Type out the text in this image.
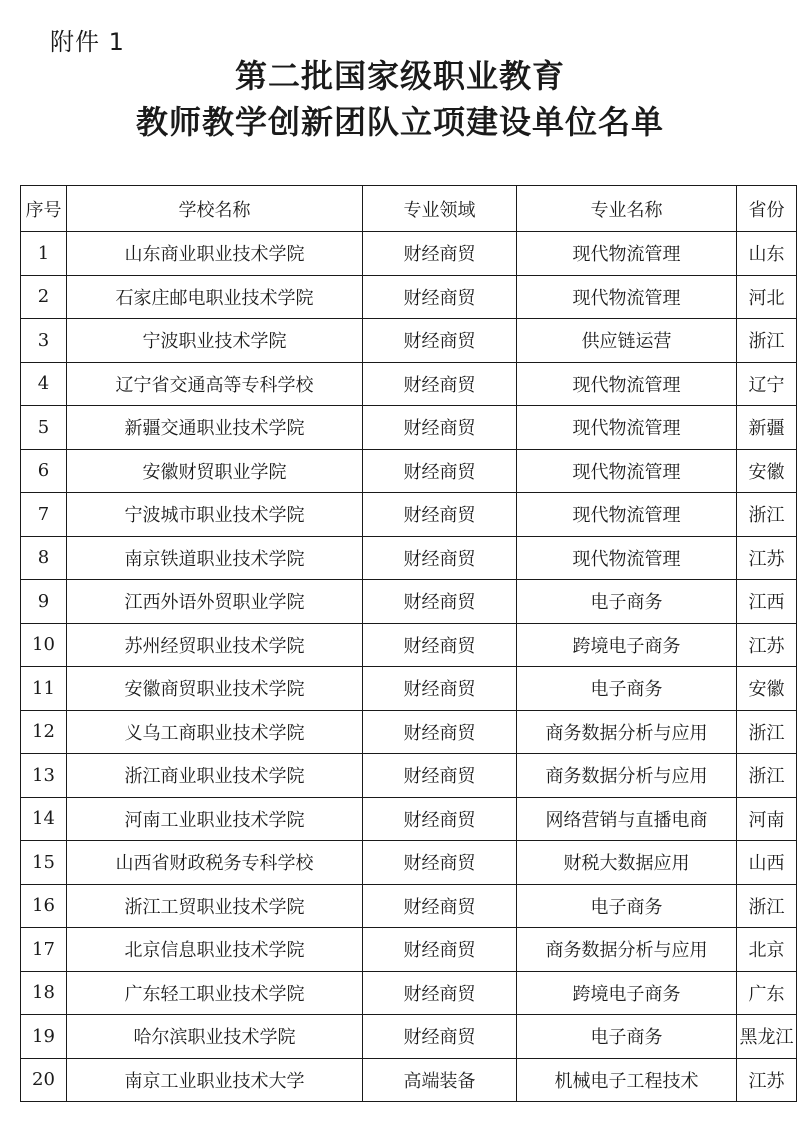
附件 1
第二批国家级职业教育
教师教学创新团队立项建设单位名单
序号	学校名称	专业领域	专业名称	省份
1	山东商业职业技术学院	财经商贸	现代物流管理	山东
2	石家庄邮电职业技术学院	财经商贸	现代物流管理	河北
3	宁波职业技术学院	财经商贸	供应链运营	浙江
4	辽宁省交通高等专科学校	财经商贸	现代物流管理	辽宁
5	新疆交通职业技术学院	财经商贸	现代物流管理	新疆
6	安徽财贸职业学院	财经商贸	现代物流管理	安徽
7	宁波城市职业技术学院	财经商贸	现代物流管理	浙江
8	南京铁道职业技术学院	财经商贸	现代物流管理	江苏
9	江西外语外贸职业学院	财经商贸	电子商务	江西
10	苏州经贸职业技术学院	财经商贸	跨境电子商务	江苏
11	安徽商贸职业技术学院	财经商贸	电子商务	安徽
12	义乌工商职业技术学院	财经商贸	商务数据分析与应用	浙江
13	浙江商业职业技术学院	财经商贸	商务数据分析与应用	浙江
14	河南工业职业技术学院	财经商贸	网络营销与直播电商	河南
15	山西省财政税务专科学校	财经商贸	财税大数据应用	山西
16	浙江工贸职业技术学院	财经商贸	电子商务	浙江
17	北京信息职业技术学院	财经商贸	商务数据分析与应用	北京
18	广东轻工职业技术学院	财经商贸	跨境电子商务	广东
19	哈尔滨职业技术学院	财经商贸	电子商务	黑龙江
20	南京工业职业技术大学	高端装备	机械电子工程技术	江苏
